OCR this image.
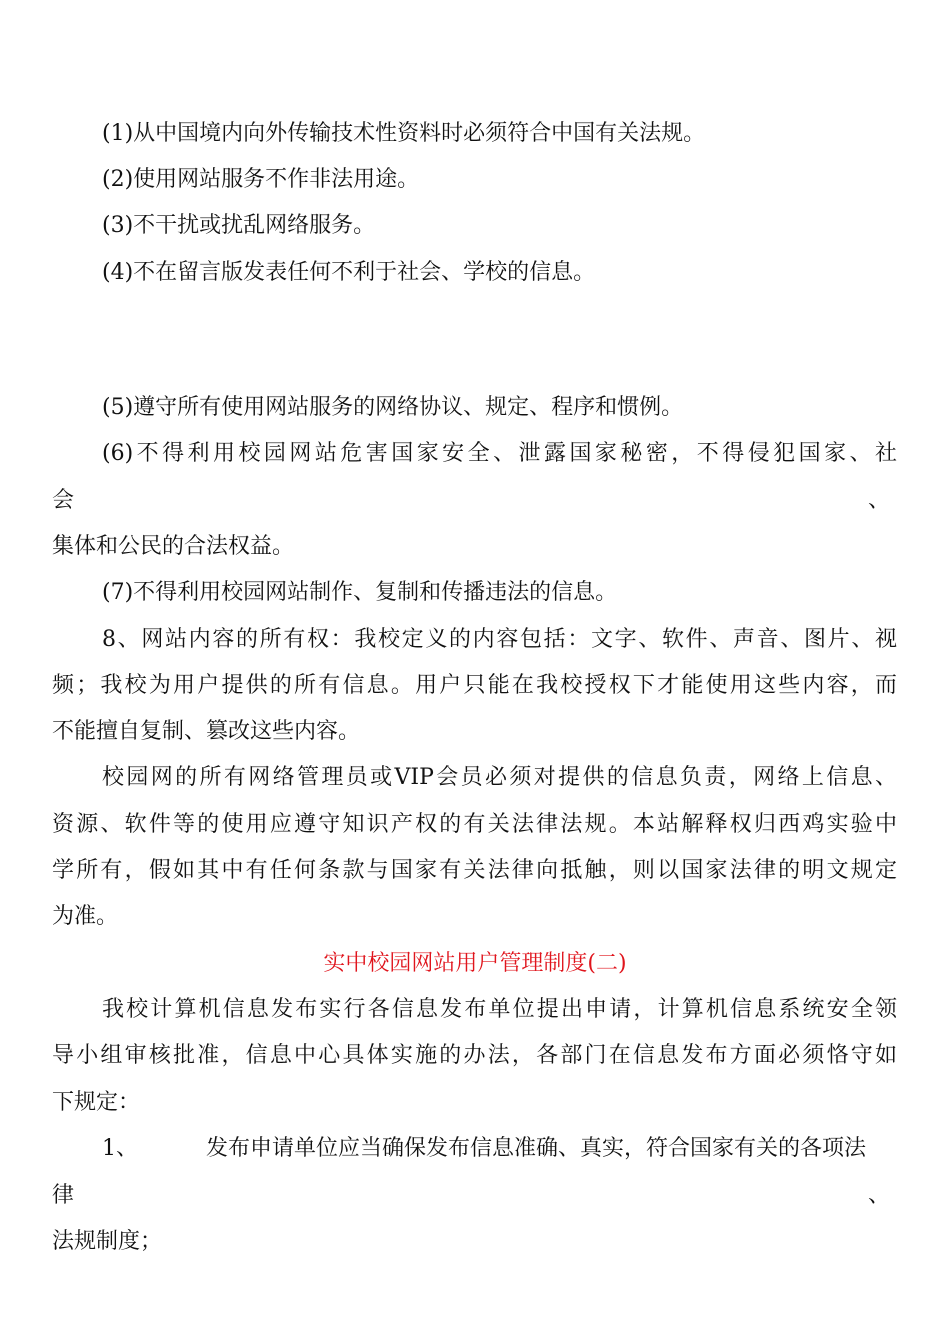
(1)从中国境内向外传输技术性资料时必须符合中国有关法规。
(2)使用网站服务不作非法用途。
(3)不干扰或扰乱网络服务。
(4)不在留言版发表任何不利于社会、学校的信息。
(5)遵守所有使用网站服务的网络协议、规定、程序和惯例。
(6)不得利用校园网站危害国家安全、泄露国家秘密，不得侵犯国家、社
会	、
集体和公民的合法权益。
(7)不得利用校园网站制作、复制和传播违法的信息。
8、网站内容的所有权：我校定义的内容包括：文字、软件、声音、图片、视
频；我校为用户提供的所有信息。用户只能在我校授权下才能使用这些内容，而
不能擅自复制、篡改这些内容。
校园网的所有网络管理员或VIP会员必须对提供的信息负责，网络上信息、
资源、软件等的使用应遵守知识产权的有关法律法规。本站解释权归西鸡实验中
学所有，假如其中有任何条款与国家有关法律向抵触，则以国家法律的明文规定
为准。
实中校园网站用户管理制度(二)
我校计算机信息发布实行各信息发布单位提出申请，计算机信息系统安全领
导小组审核批准，信息中心具体实施的办法，各部门在信息发布方面必须恪守如
下规定：
1、	发布申请单位应当确保发布信息准确、真实，符合国家有关的各项法
律	、
法规制度；
